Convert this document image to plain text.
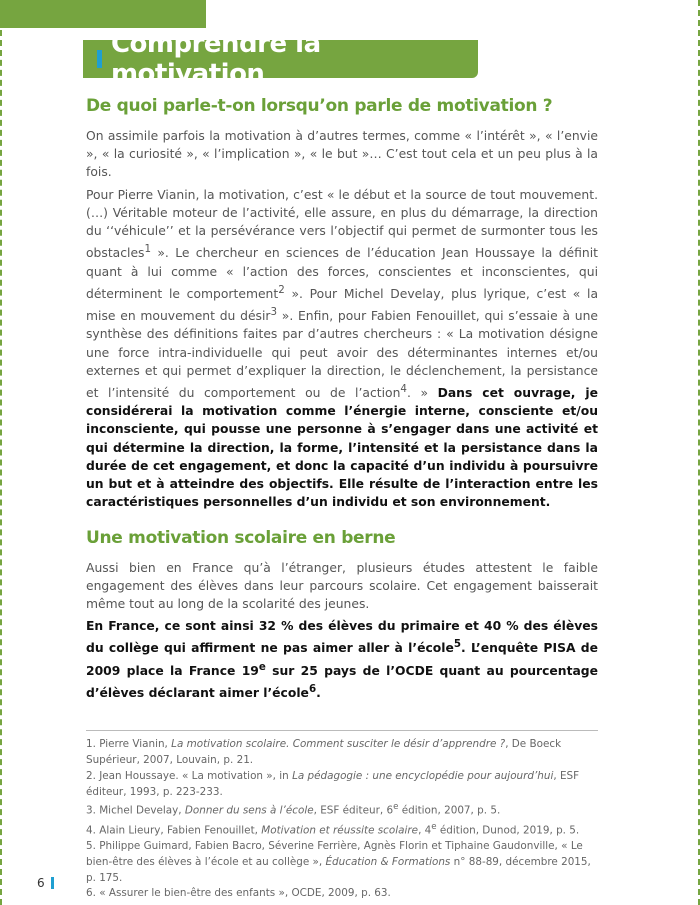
Comprendre la motivation
De quoi parle-t-on lorsqu’on parle de motivation ?

On assimile parfois la motivation à d’autres termes, comme « l’intérêt », « l’envie », « la curiosité », « l’implication », « le but »… C’est tout cela et un peu plus à la fois.

Pour Pierre Vianin, la motivation, c’est « le début et la source de tout mouvement. (…) Véritable moteur de l’activité, elle assure, en plus du démarrage, la direction du ‘‘véhicule’’ et la persévérance vers l’objectif qui permet de surmonter tous les obstacles$^1$ ». Le chercheur en sciences de l’éducation Jean Houssaye la définit quant à lui comme « l’action des forces, conscientes et inconscientes, qui déterminent le comportement$^2$ ». Pour Michel Develay, plus lyrique, c’est « la mise en mouvement du désir$^3$ ». Enfin, pour Fabien Fenouillet, qui s’essaie à une synthèse des définitions faites par d’autres chercheurs : « La motivation désigne une force intra-individuelle qui peut avoir des déterminantes internes et/ou externes et qui permet d’expliquer la direction, le déclenchement, la persistance et l’intensité du comportement ou de l’action$^4$. » Dans cet ouvrage, je considérerai la motivation comme l’énergie interne, consciente et/ou inconsciente, qui pousse une personne à s’engager dans une activité et qui détermine la direction, la forme, l’intensité et la persistance dans la durée de cet engagement, et donc la capacité d’un individu à poursuivre un but et à atteindre des objectifs. Elle résulte de l’interaction entre les caractéristiques personnelles d’un individu et son environnement.

Une motivation scolaire en berne

Aussi bien en France qu’à l’étranger, plusieurs études attestent le faible engagement des élèves dans leur parcours scolaire. Cet engagement baisserait même tout au long de la scolarité des jeunes.

En France, ce sont ainsi 32 % des élèves du primaire et 40 % des élèves du collège qui affirment ne pas aimer aller à l’école$^5$. L’enquête PISA de 2009 place la France 19e sur 25 pays de l’OCDE quant au pourcentage d’élèves déclarant aimer l’école$^6$.

1. Pierre Vianin, La motivation scolaire. Comment susciter le désir d’apprendre ?, De Boeck Supérieur, 2007, Louvain, p. 21.

2. Jean Houssaye. « La motivation », in La pédagogie : une encyclopédie pour aujourd’hui, ESF éditeur, 1993, p. 223-233.

3. Michel Develay, Donner du sens à l’école, ESF éditeur, 6e édition, 2007, p. 5.

4. Alain Lieury, Fabien Fenouillet, Motivation et réussite scolaire, 4e édition, Dunod, 2019, p. 5.

5. Philippe Guimard, Fabien Bacro, Séverine Ferrière, Agnès Florin et Tiphaine Gaudonville, « Le bien-être des élèves à l’école et au collège », Éducation & Formations n° 88-89, décembre 2015, p. 175.

6. « Assurer le bien-être des enfants », OCDE, 2009, p. 63.

6
